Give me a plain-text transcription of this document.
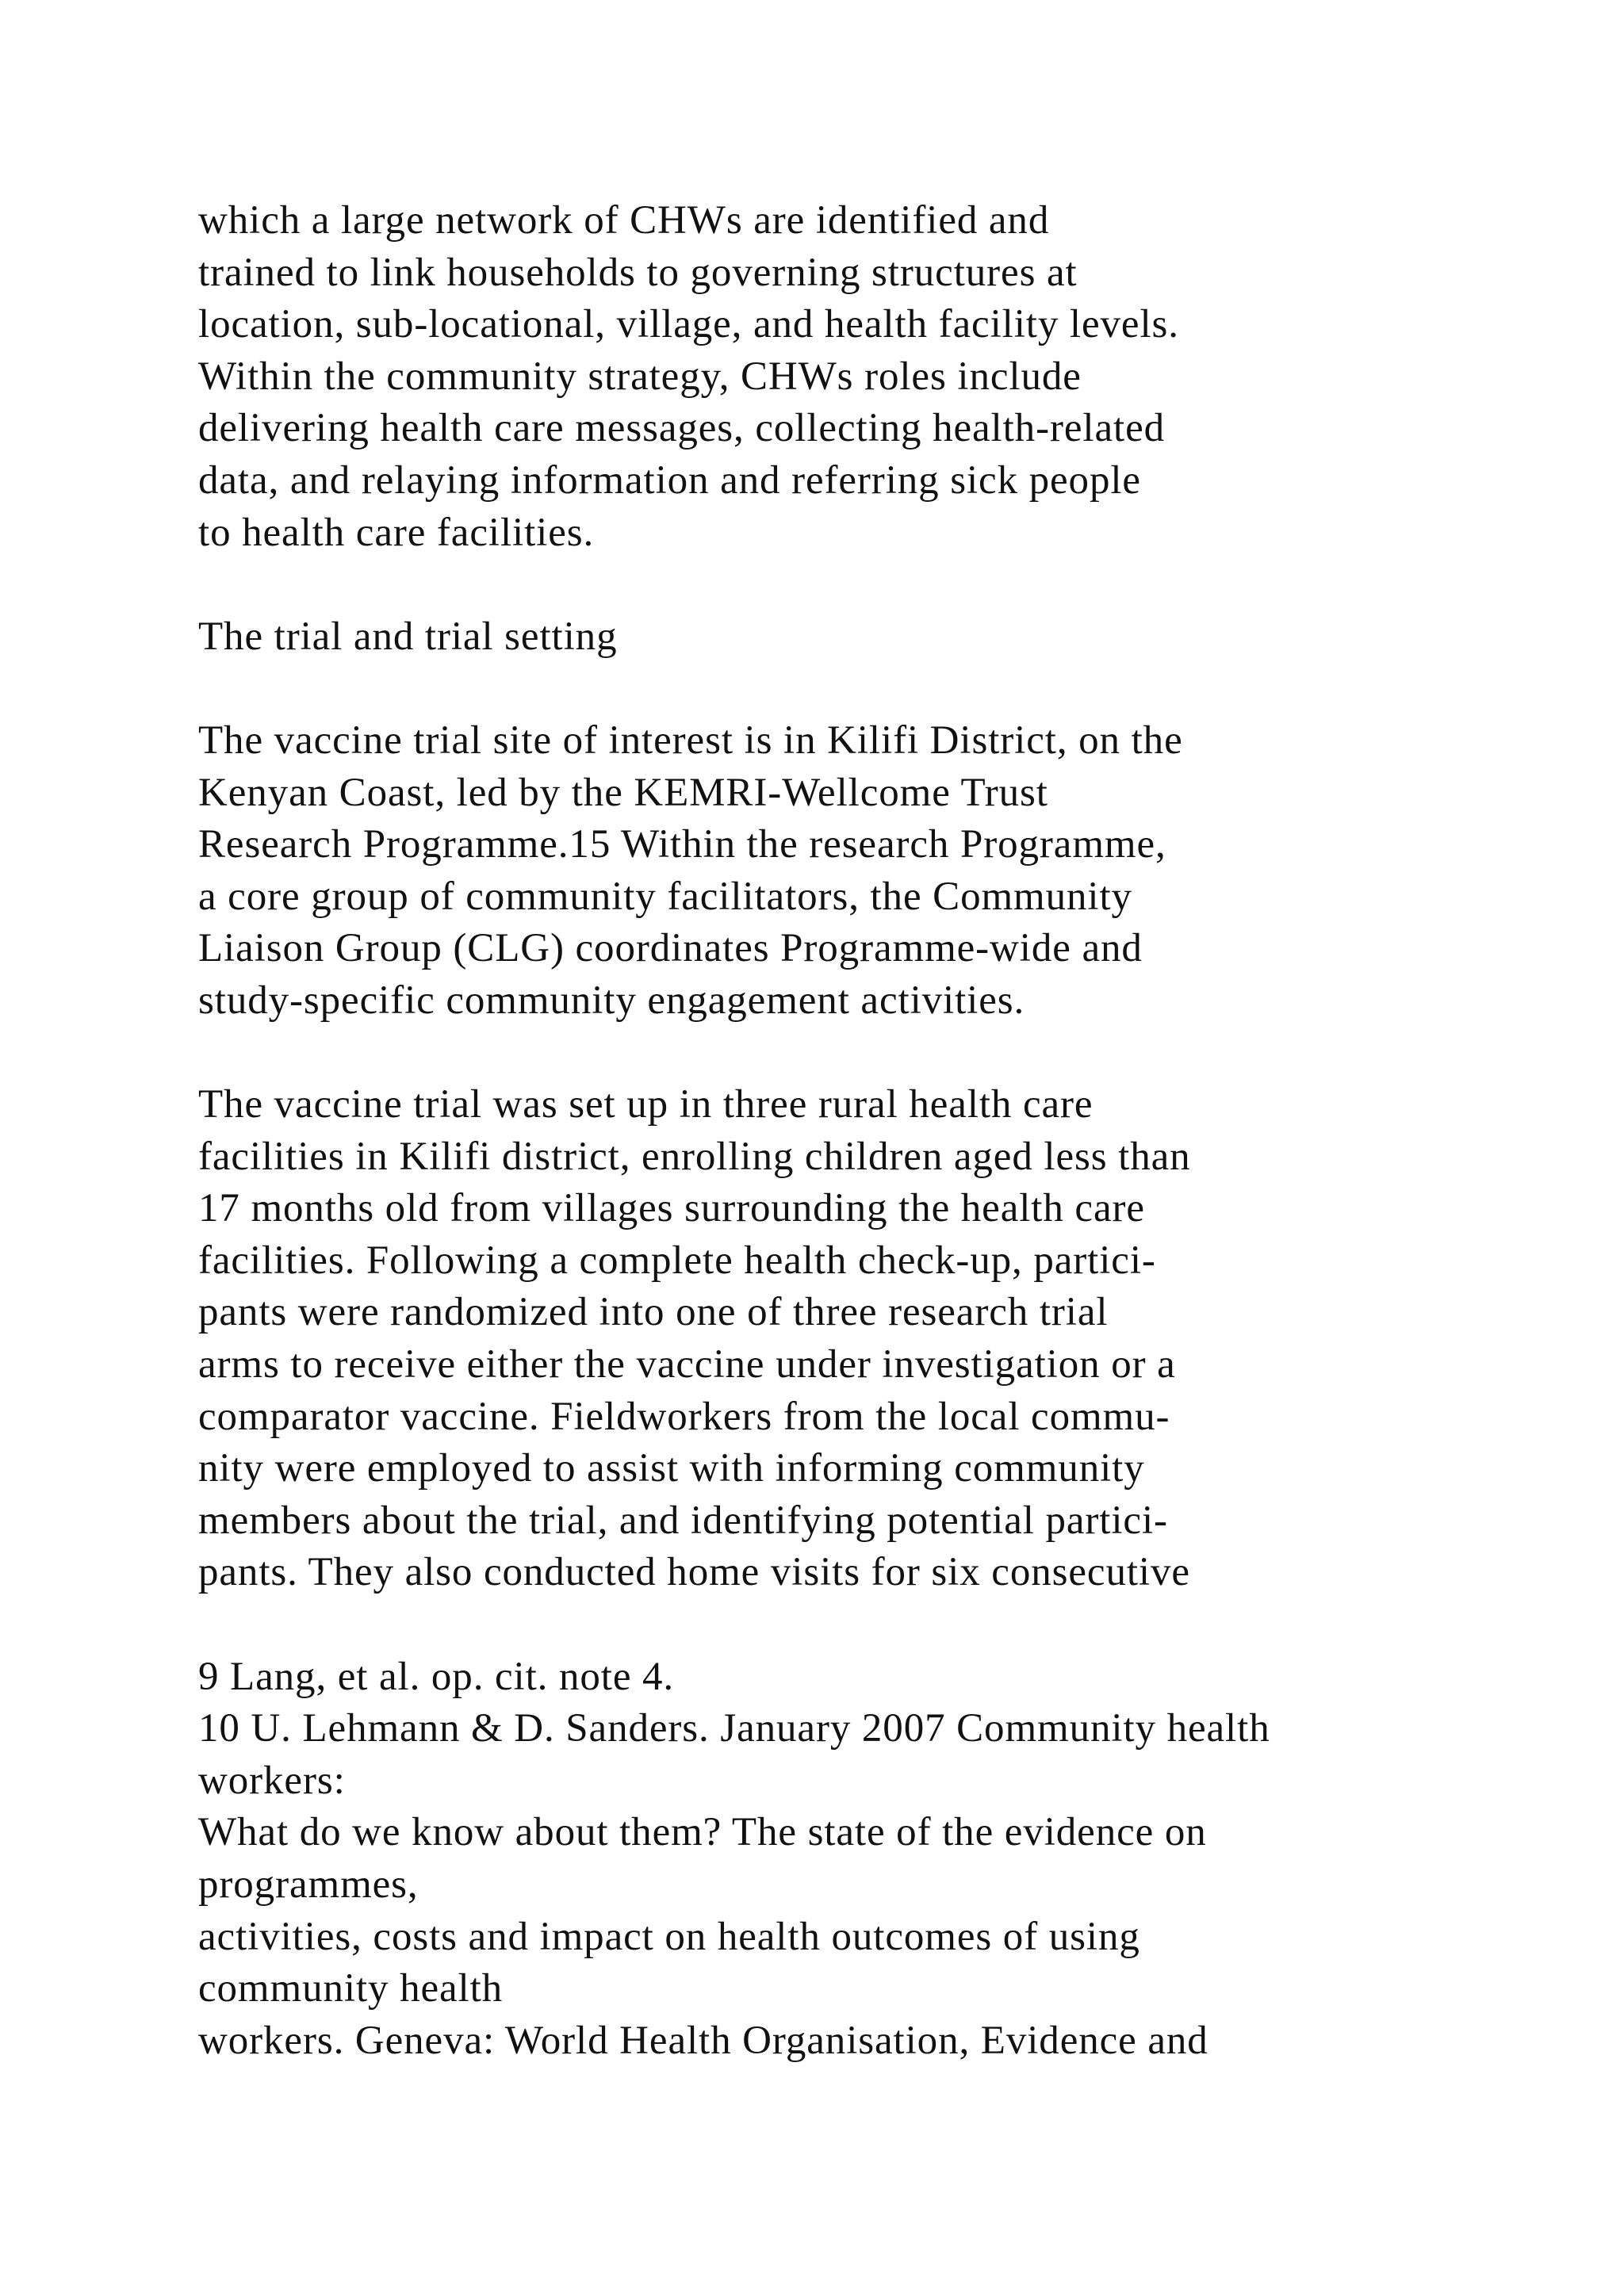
which a large network of CHWs are identified and
trained to link households to governing structures at
location, sub-locational, village, and health facility levels.
Within the community strategy, CHWs roles include
delivering health care messages, collecting health-related
data, and relaying information and referring sick people
to health care facilities.
The trial and trial setting
The vaccine trial site of interest is in Kilifi District, on the
Kenyan Coast, led by the KEMRI-Wellcome Trust
Research Programme.15 Within the research Programme,
a core group of community facilitators, the Community
Liaison Group (CLG) coordinates Programme-wide and
study-specific community engagement activities.
The vaccine trial was set up in three rural health care
facilities in Kilifi district, enrolling children aged less than
17 months old from villages surrounding the health care
facilities. Following a complete health check-up, partici-
pants were randomized into one of three research trial
arms to receive either the vaccine under investigation or a
comparator vaccine. Fieldworkers from the local commu-
nity were employed to assist with informing community
members about the trial, and identifying potential partici-
pants. They also conducted home visits for six consecutive
9 Lang, et al. op. cit. note 4.
10 U. Lehmann & D. Sanders. January 2007 Community health
workers:
What do we know about them? The state of the evidence on
programmes,
activities, costs and impact on health outcomes of using
community health
workers. Geneva: World Health Organisation, Evidence and
